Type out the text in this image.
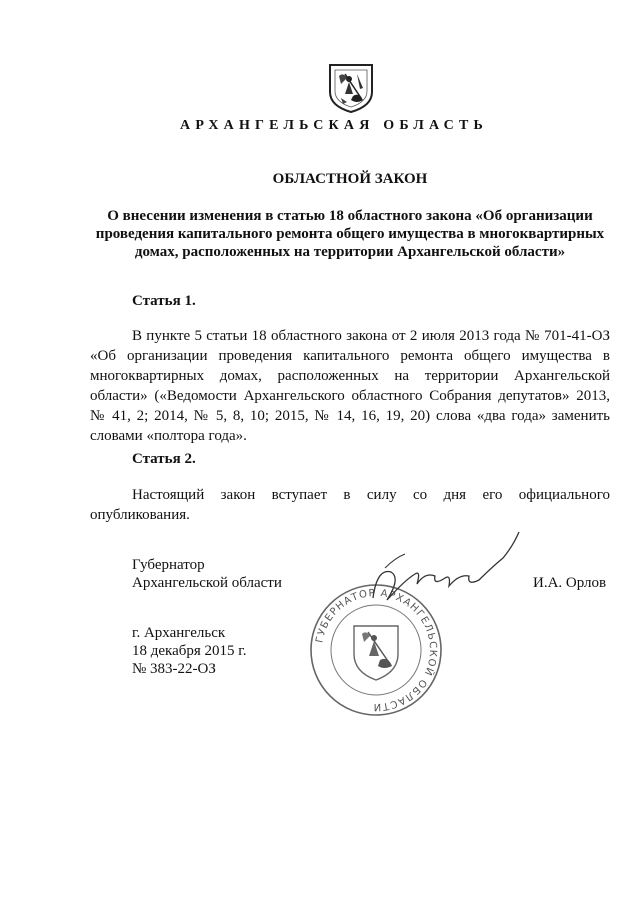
АРХАНГЕЛЬСКАЯ ОБЛАСТЬ
ОБЛАСТНОЙ ЗАКОН
О внесении изменения в статью 18 областного закона «Об организации проведения капитального ремонта общего имущества в многоквартирных домах, расположенных на территории Архангельской области»
Статья 1.
В пункте 5 статьи 18 областного закона от 2 июля 2013 года № 701-41-ОЗ «Об организации проведения капитального ремонта общего имущества в многоквартирных домах, расположенных на территории Архангельской области» («Ведомости Архангельского областного Собрания депутатов» 2013, № 41, 2; 2014, № 5, 8, 10; 2015, № 14, 16, 19, 20) слова «два года» заменить словами «полтора года».
Статья 2.
Настоящий закон вступает в силу со дня его официального опубликования.
ГУБЕРНАТОР АРХАНГЕЛЬСКОЙ ОБЛАСТИ
Губернатор
Архангельской области	И.А. Орлов
г. Архангельск
18 декабря 2015 г.
№ 383-22-ОЗ
